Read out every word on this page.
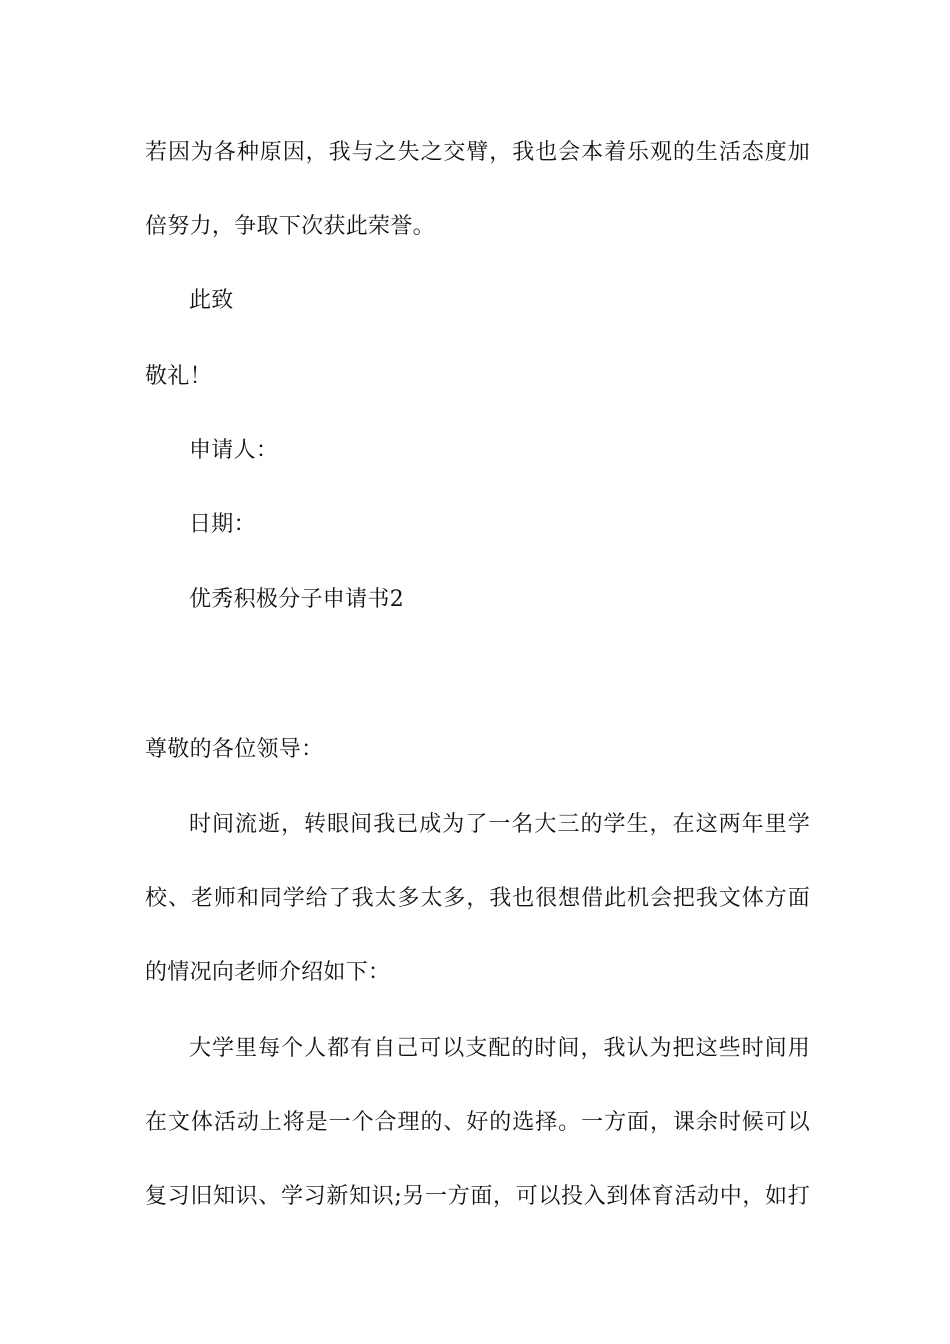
若因为各种原因，我与之失之交臂，我也会本着乐观的生活态度加
倍努力，争取下次获此荣誉。
此致
敬礼！
申请人：
日期：
优秀积极分子申请书2
尊敬的各位领导：
时间流逝，转眼间我已成为了一名大三的学生，在这两年里学
校、老师和同学给了我太多太多，我也很想借此机会把我文体方面
的情况向老师介绍如下：
大学里每个人都有自己可以支配的时间，我认为把这些时间用
在文体活动上将是一个合理的、好的选择。一方面，课余时候可以
复习旧知识、学习新知识;另一方面，可以投入到体育活动中，如打
